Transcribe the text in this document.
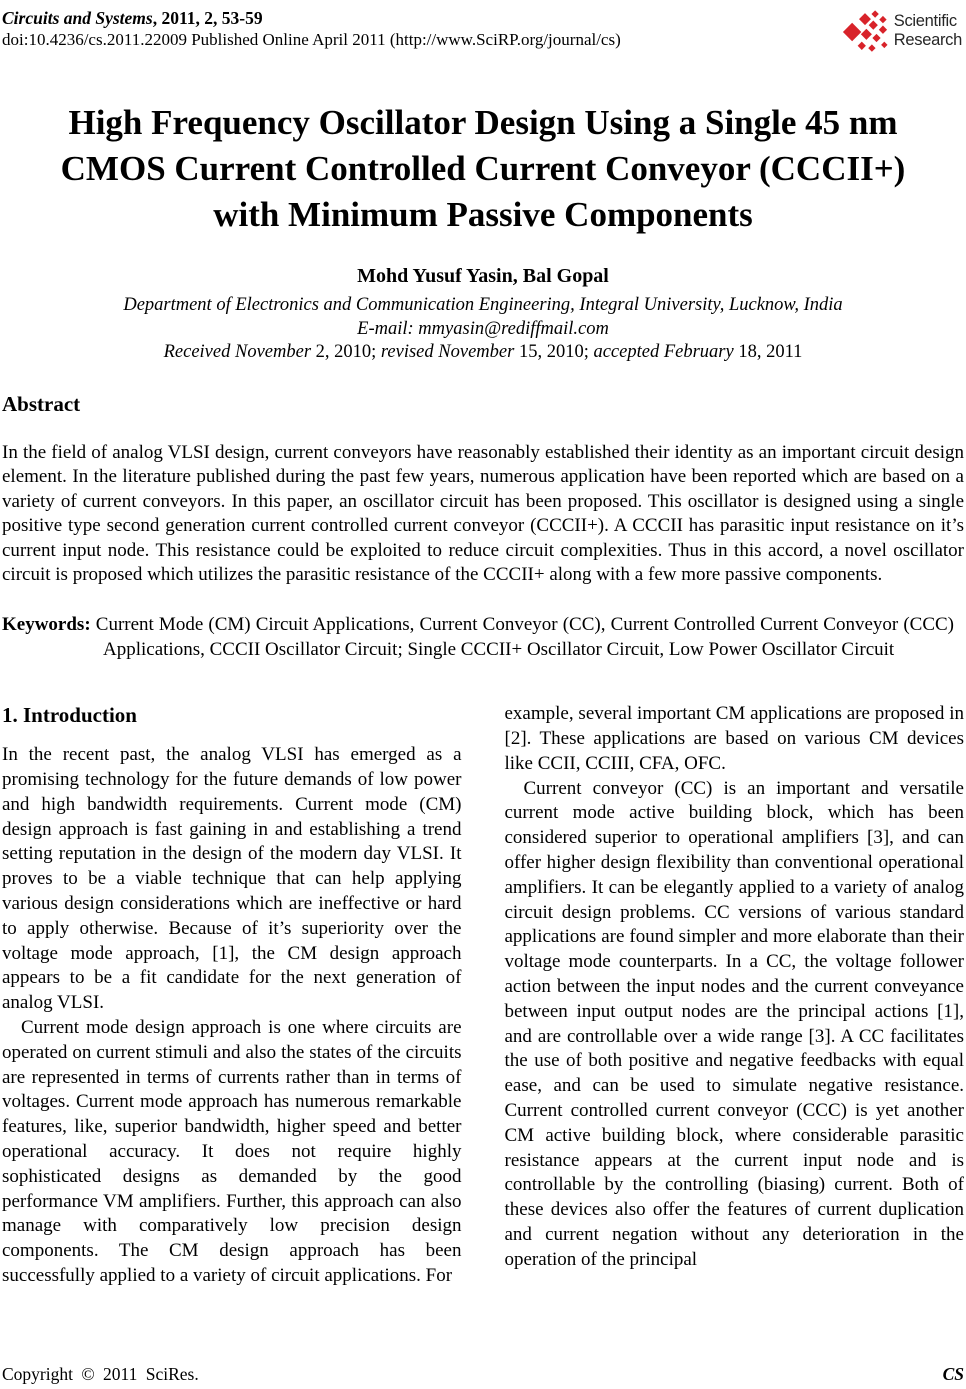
Circuits and Systems, 2011, 2, 53-59
doi:10.4236/cs.2011.22009 Published Online April 2011 (http://www.SciRP.org/journal/cs)
Scientific
Research
High Frequency Oscillator Design Using a Single 45 nm
CMOS Current Controlled Current Conveyor (CCCII+)
with Minimum Passive Components
Mohd Yusuf Yasin, Bal Gopal
Department of Electronics and Communication Engineering, Integral University, Lucknow, India
E-mail: mmyasin@rediffmail.com
Received November 2, 2010; revised November 15, 2010; accepted February 18, 2011
Abstract

In the field of analog VLSI design, current conveyors have reasonably established their identity as an important circuit design element. In the literature published during the past few years, numerous application have been reported which are based on a variety of current conveyors. In this paper, an oscillator circuit has been proposed. This oscillator is designed using a single positive type second generation current controlled current conveyor (CCCII+). A CCCII has parasitic input resistance on it’s current input node. This resistance could be exploited to reduce circuit complexities. Thus in this accord, a novel oscillator circuit is proposed which utilizes the parasitic resistance of the CCCII+ along with a few more passive components.

Keywords: Current Mode (CM) Circuit Applications, Current Conveyor (CC), Current Controlled Current Conveyor (CCC) Applications, CCCII Oscillator Circuit; Single CCCII+ Oscillator Circuit, Low Power Oscillator Circuit
1. Introduction

In the recent past, the analog VLSI has emerged as a promising technology for the future demands of low power and high bandwidth requirements. Current mode (CM) design approach is fast gaining in and establishing a trend setting reputation in the design of the modern day VLSI. It proves to be a viable technique that can help applying various design considerations which are ineffective or hard to apply otherwise. Because of it’s superiority over the voltage mode approach, [1], the CM design approach appears to be a fit candidate for the next generation of analog VLSI.

Current mode design approach is one where circuits are operated on current stimuli and also the states of the circuits are represented in terms of currents rather than in terms of voltages. Current mode approach has numerous remarkable features, like, superior bandwidth, higher speed and better operational accuracy. It does not require highly sophisticated designs as demanded by the good performance VM amplifiers. Further, this approach can also manage with comparatively low precision design components. The CM design approach has been successfully applied to a variety of circuit applications. For

example, several important CM applications are proposed in [2]. These applications are based on various CM devices like CCII, CCIII, CFA, OFC.

Current conveyor (CC) is an important and versatile current mode active building block, which has been considered superior to operational amplifiers [3], and can offer higher design flexibility than conventional operational amplifiers. It can be elegantly applied to a variety of analog circuit design problems. CC versions of various standard applications are found simpler and more elaborate than their voltage mode counterparts. In a CC, the voltage follower action between the input nodes and the current conveyance between input output nodes are the principal actions [1], and are controllable over a wide range [3]. A CC facilitates the use of both positive and negative feedbacks with equal ease, and can be used to simulate negative resistance. Current controlled current conveyor (CCC) is yet another CM active building block, where considerable parasitic resistance appears at the current input node and is controllable by the controlling (biasing) current. Both of these devices also offer the features of current duplication and current negation without any deterioration in the operation of the principal

Copyright © 2011 SciRes.	CS
